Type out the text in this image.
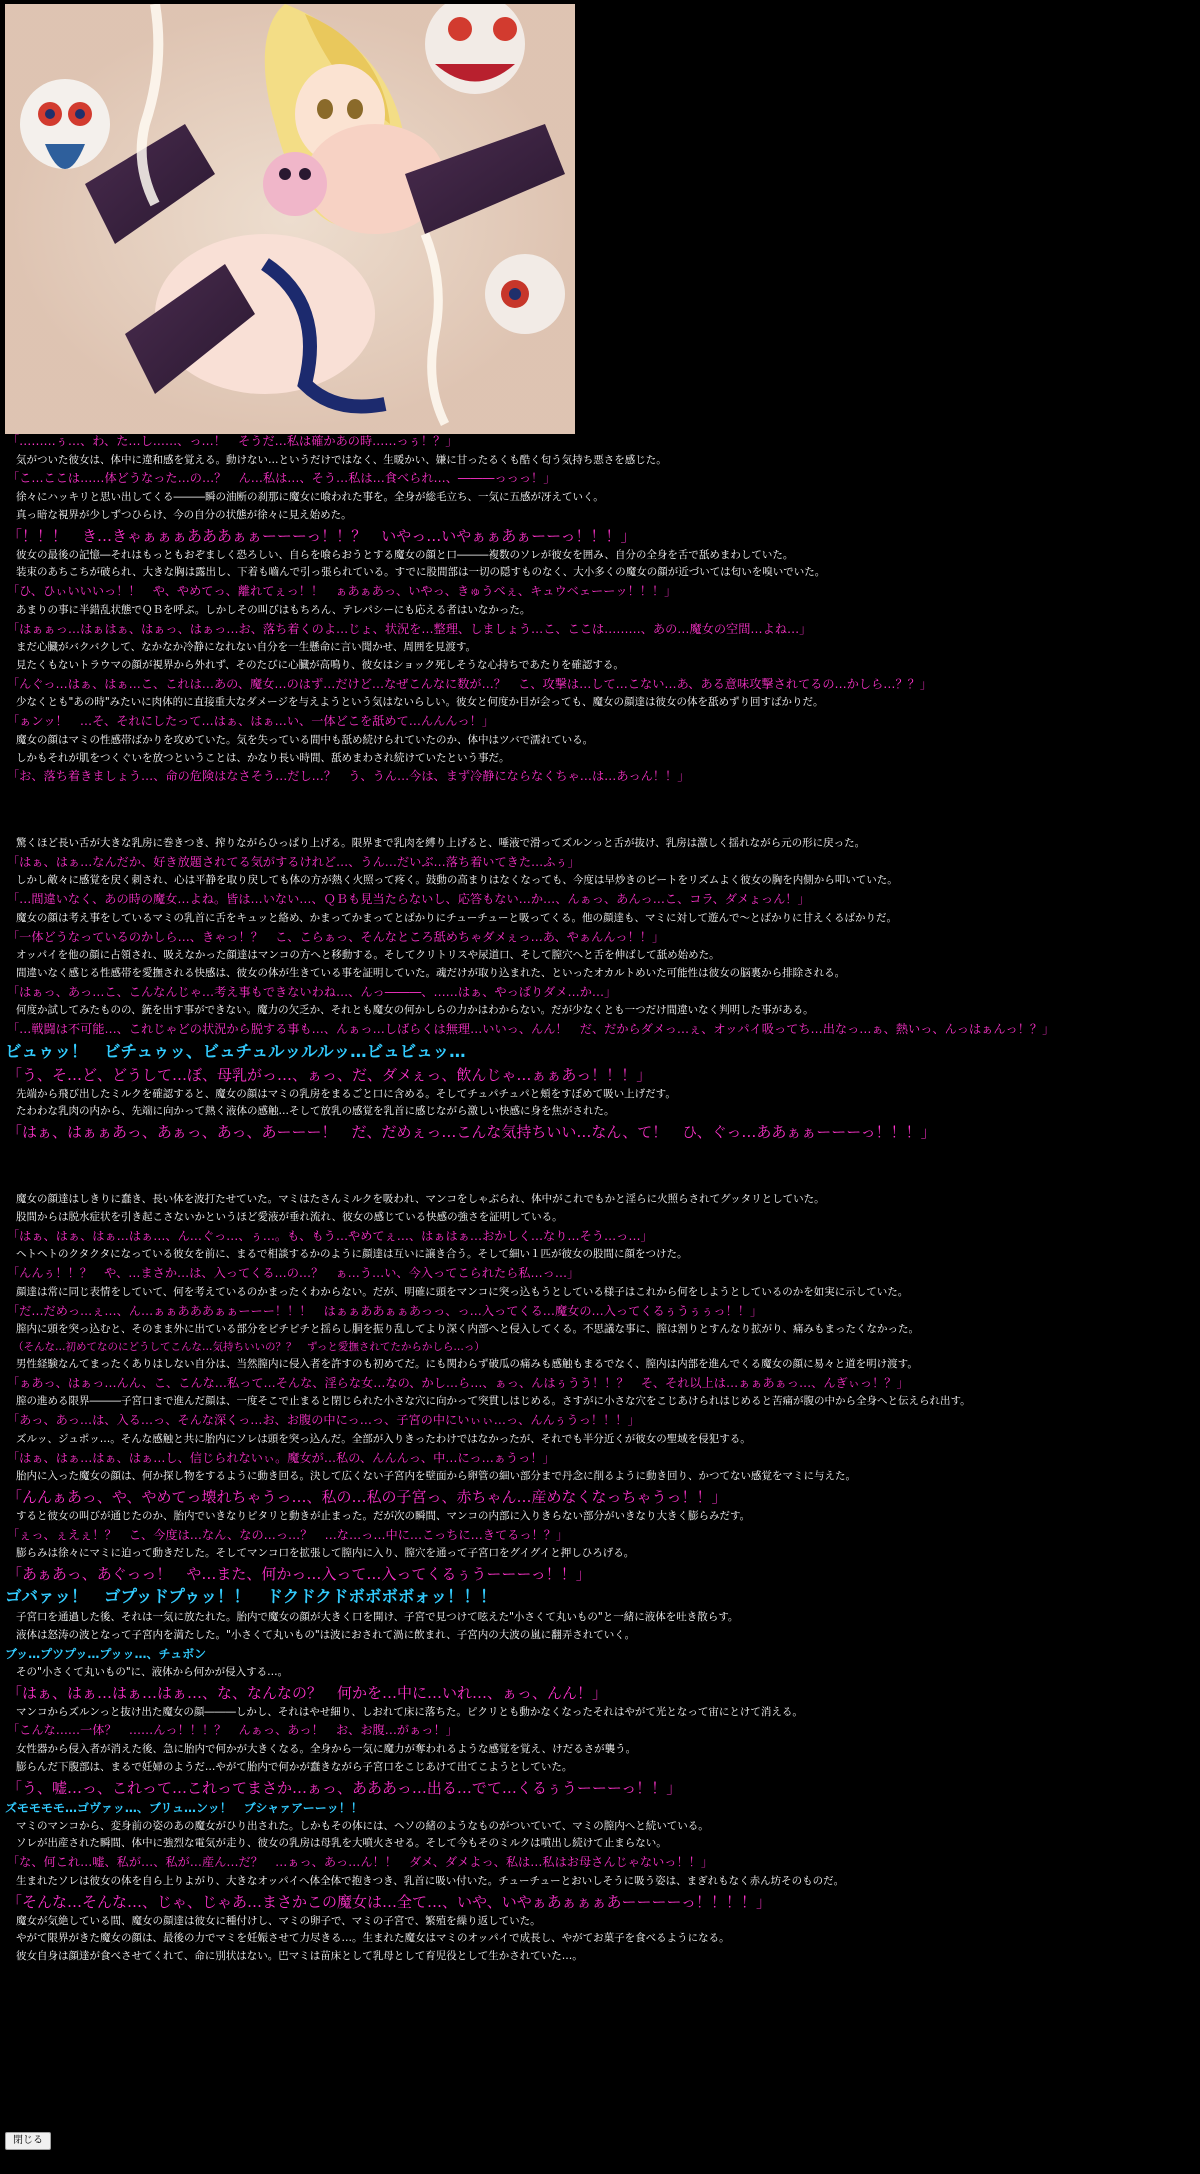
「………ぅ…、わ、た…し……、っ…！　そうだ…私は確かあの時……っぅ！？」
気がついた彼女は、体中に違和感を覚える。動けない…というだけではなく、生暖かい、嫌に甘ったるくも酷く匂う気持ち悪さを感じた。
「こ…ここは……体どうなった…の…？　ん…私は…、そう…私は…食べられ…、―――っっっ！」
徐々にハッキリと思い出してくる―――瞬の油断の刹那に魔女に喰われた事を。全身が総毛立ち、一気に五感が冴えていく。
真っ暗な視界が少しずつひらけ、今の自分の状態が徐々に見え始めた。
「！！！　き…きゃぁぁぁあああぁぁーーーっ！！？　いやっ…いやぁぁあぁーーっ！！！」
彼女の最後の記憶―それはもっともおぞましく恐ろしい、自らを喰らおうとする魔女の顔と口―――複数のソレが彼女を囲み、自分の全身を舌で舐めまわしていた。
装束のあちこちが破られ、大きな胸は露出し、下着も嚙んで引っ張られている。すでに股間部は一切の隠すものなく、大小多くの魔女の顔が近づいては匂いを嗅いでいた。
「ひ、ひぃいいいっ！！　や、やめてっ、離れてぇっ！！　ぁあぁあっ、いやっ、きゅうべぇ、キュウベェーーッ！！！」
あまりの事に半錯乱状態でＱＢを呼ぶ。しかしその叫びはもちろん、テレパシーにも応える者はいなかった。
「はぁぁっ…はぁはぁ、はぁっ、はぁっ…お、落ち着くのよ…じょ、状況を…整理、しましょう…こ、ここは………、あの…魔女の空間…よね…」
まだ心臓がバクバクして、なかなか冷静になれない自分を一生懸命に言い聞かせ、周囲を見渡す。
見たくもないトラウマの顔が視界から外れず、そのたびに心臓が高鳴り、彼女はショック死しそうな心持ちであたりを確認する。
「んぐっ…はぁ、はぁ…こ、これは…あの、魔女…のはず…だけど…なぜこんなに数が…？　こ、攻撃は…して…こない…あ、ある意味攻撃されてるの…かしら…？？」
少なくとも"あの時"みたいに肉体的に直接重大なダメージを与えようという気はないらしい。彼女と何度か目が会っても、魔女の顔達は彼女の体を舐めずり回すばかりだ。
「ぁンッ！　…そ、それにしたって…はぁ、はぁ…い、一体どこを舐めて…んんんっ！」
魔女の顔はマミの性感帯ばかりを攻めていた。気を失っている間中も舐め続けられていたのか、体中はツバで濡れている。
しかもそれが肌をつくぐいを放つということは、かなり長い時間、舐めまわされ続けていたという事だ。
「お、落ち着きましょう…、命の危険はなさそう…だし…？　う、うん…今は、まず冷静にならなくちゃ…は…あっん！！」
驚くほど長い舌が大きな乳房に巻きつき、搾りながらひっぱり上げる。限界まで乳肉を縛り上げると、唾液で滑ってズルンっと舌が抜け、乳房は激しく揺れながら元の形に戻った。
「はぁ、はぁ…なんだか、好き放題されてる気がするけれど…、うん…だいぶ…落ち着いてきた…ふぅ」
しかし敵々に感覚を戻く刺され、心は平静を取り戻しても体の方が熱く火照って疼く。鼓動の高まりはなくなっても、今度は早炒きのビートをリズムよく彼女の胸を内側から叩いていた。
「…間違いなく、あの時の魔女…よね。皆は…いない…、ＱＢも見当たらないし、応答もない…か…、んぁっ、あんっ…こ、コラ、ダメょっん！」
魔女の顔は考え事をしているマミの乳首に舌をキュッと絡め、かまってかまってとばかりにチューチューと吸ってくる。他の顔達も、マミに対して遊んで～とばかりに甘えくるばかりだ。
「一体どうなっているのかしら…、きゃっ！？　こ、こらぁっ、そんなところ舐めちゃダメぇっ…あ、やぁんんっ！！」
オッパイを他の顔に占領され、吸えなかった顔達はマンコの方へと移動する。そしてクリトリスや尿道口、そして膣穴へと舌を伸ばして舐め始めた。
間違いなく感じる性感帯を愛撫される快感は、彼女の体が生きている事を証明していた。魂だけが取り込まれた、といったオカルトめいた可能性は彼女の脳裏から排除される。
「はぁっ、あっ…こ、こんなんじゃ…考え事もできないわね…、んっ―――、……はぁ、やっぱりダメ…か…」
何度か試してみたものの、銃を出す事ができない。魔力の欠乏か、それとも魔女の何かしらの力かはわからない。だが少なくとも一つだけ間違いなく判明した事がある。
「…戦闘は不可能…、これじゃどの状況から脱する事も…、んぁっ…しばらくは無理…いいっ、んん！　だ、だからダメっ…ぇ、オッパイ吸ってち…出なっ…ぁ、熱いっ、んっはぁんっ！？」
ビュゥッ！　ビチュゥッ、ビュチュルッルルッ…ビュビュッ…
「う、そ…ど、どうして…ぼ、母乳がっ…、ぁっ、だ、ダメぇっ、飲んじゃ…ぁぁあっ！！！」
先端から飛び出したミルクを確認すると、魔女の顔はマミの乳房をまるごと口に含める。そしてチュパチュパと頬をすぼめて吸い上げだす。
たわわな乳肉の内から、先端に向かって熱く液体の感触…そして放乳の感覚を乳首に感じながら激しい快感に身を焦がされた。
「はぁ、はぁぁあっ、あぁっ、あっ、あーーー！　だ、だめぇっ…こんな気持ちいい…なん、て！　ひ、ぐっ…ああぁぁーーーっ！！！」
魔女の顔達はしきりに蠢き、長い体を波打たせていた。マミはたさんミルクを吸われ、マンコをしゃぶられ、体中がこれでもかと淫らに火照らされてグッタリとしていた。
股間からは脱水症状を引き起こさないかというほど愛液が垂れ流れ、彼女の感じている快感の強さを証明している。
「はぁ、はぁ、はぁ…はぁ…、ん…ぐっ…、ぅ…。も、もう…やめてぇ…、はぁはぁ…おかしく…なり…そう…っ…」
ヘトヘトのクタクタになっている彼女を前に、まるで相談するかのように顔達は互いに譲き合う。そして細い１匹が彼女の股間に顔をつけた。
「んんぅ！！？　や、…まさか…は、入ってくる…の…？　ぁ…う…い、今入ってこられたら私…っ…」
顔達は常に同じ表情をしていて、何を考えているのかまったくわからない。だが、明確に頭をマンコに突っ込もうとしている様子はこれから何をしようとしているのかを如実に示していた。
「だ…だめっ…ぇ…、ん…ぁぁあああぁぁーーー！！！　はぁぁああぁぁあっっ、っ…入ってくる…魔女の…入ってくるぅうぅぅっ！！」
膣内に頭を突っ込むと、そのまま外に出ている部分をピチピチと揺らし胴を振り乱してより深く内部へと侵入してくる。不思議な事に、膣は割りとすんなり拡がり、痛みもまったくなかった。
（そんな…初めてなのにどうしてこんな…気持ちいいの？？　ずっと愛撫されてたからかしら…っ）
男性経験なんてまったくありはしない自分は、当然膣内に侵入者を許すのも初めてだ。にも関わらず破瓜の痛みも感触もまるでなく、膣内は内部を進んでくる魔女の顔に易々と道を明け渡す。
「ぁあっ、はぁっ…んん、こ、こんな…私って…そんな、淫らな女…なの、かし…ら…、ぁっ、んはぅうう！！？　そ、それ以上は…ぁぁあぁっ…、んぎぃっ！？」
膣の進める限界―――子宮口まで進んだ顔は、一度そこで止まると閉じられた小さな穴に向かって突貫しはじめる。さすがに小さな穴をこじあけられはじめると苦痛が腹の中から全身へと伝えられ出す。
「あっ、あっ…は、入る…っ、そんな深くっ…お、お腹の中にっ…っ、子宮の中にいぃぃ…っ、んんぅうっ！！！」
ズルッ、ジュポッ…。そんな感触と共に胎内にソレは頭を突っ込んだ。全部が入りきったわけではなかったが、それでも半分近くが彼女の聖域を侵犯する。
「はぁ、はぁ…はぁ、はぁ…し、信じられないぃ。魔女が…私の、んんんっ、中…にっ…ぁうっ！」
胎内に入った魔女の顔は、何か探し物をするように動き回る。決して広くない子宮内を壁面から卵管の細い部分まで丹念に削るように動き回り、かつてない感覚をマミに与えた。
「んんぁあっ、や、やめてっ壊れちゃうっ…、私の…私の子宮っ、赤ちゃん…産めなくなっちゃうっ！！」
すると彼女の叫びが通じたのか、胎内でいきなりピタリと動きが止まった。だが次の瞬間、マンコの内部に入りきらない部分がいきなり大きく膨らみだす。
「ぇっ、ぇえぇ！？　こ、今度は…なん、なの…っ…？　…な…っ…中に…こっちに…きてるっ！？」
膨らみは徐々にマミに迫って動きだした。そしてマンコ口を拡張して膣内に入り、膣穴を通って子宮口をグイグイと押しひろげる。
「あぁあっ、あぐっっ！　や…また、何かっ…入って…入ってくるぅうーーーっ！！」
ゴバァッ！　ゴプッドプゥッ！！　ドクドクドボボボボォッ！！！
子宮口を通過した後、それは一気に放たれた。胎内で魔女の顔が大きく口を開け、子宮で見つけて呟えた"小さくて丸いもの"と一緒に液体を吐き散らす。
液体は怒涛の波となって子宮内を満たした。"小さくて丸いもの"は波におされて渦に飲まれ、子宮内の大波の嵐に翻弄されていく。
ブッ…プツプッ…プッッ…、チュボン
その"小さくて丸いもの"に、液体から何かが侵入する…。
「はぁ、はぁ…はぁ…はぁ…、な、なんなの？　何かを…中に…いれ…、ぁっ、んん！」
マンコからズルンっと抜け出た魔女の顔―――しかし、それはやせ細り、しおれて床に落ちた。ピクリとも動かなくなったそれはやがて光となって宙にとけて消える。
「こんな……一体？　……んっ！！！？　んぁっ、あっ！　お、お腹…がぁっ！」
女性器から侵入者が消えた後、急に胎内で何かが大きくなる。全身から一気に魔力が奪われるような感覚を覚え、けだるさが襲う。
膨らんだ下腹部は、まるで妊婦のようだ…やがて胎内で何かが蠢きながら子宮口をこじあけて出てこようとしていた。
「う、嘘…っ、これって…これってまさか…ぁっ、あああっ…出る…でて…くるぅうーーーっ！！」
ズモモモモ…ゴヴァッ…、ブリュ…ンッ！　ブシャァアーーッ！！
マミのマンコから、変身前の姿のあの魔女がひり出された。しかもその体には、ヘソの緒のようなものがついていて、マミの膣内へと続いている。
ソレが出産された瞬間、体中に強烈な電気が走り、彼女の乳房は母乳を大噴火させる。そして今もそのミルクは噴出し続けて止まらない。
「な、何これ…嘘、私が…、私が…産ん…だ？　…ぁっ、あっ…ん！！　ダメ、ダメよっ、私は…私はお母さんじゃないっ！！」
生まれたソレは彼女の体を自ら上りよがり、大きなオッパイへ体全体で抱きつき、乳首に吸い付いた。チューチューとおいしそうに吸う姿は、まぎれもなく赤ん坊そのものだ。
「そんな…そんな…、じゃ、じゃあ…まさかこの魔女は…全て…、いや、いやぁあぁぁぁあーーーーっ！！！！」
魔女が気絶している間、魔女の顔達は彼女に種付けし、マミの卵子で、マミの子宮で、繁殖を繰り返していた。
やがて限界がきた魔女の顔は、最後の力でマミを妊娠させて力尽きる…。生まれた魔女はマミのオッパイで成長し、やがてお菓子を食べるようになる。
彼女自身は顔達が食べさせてくれて、命に別状はない。巴マミは苗床として乳母として育児役として生かされていた…。
閉じる
